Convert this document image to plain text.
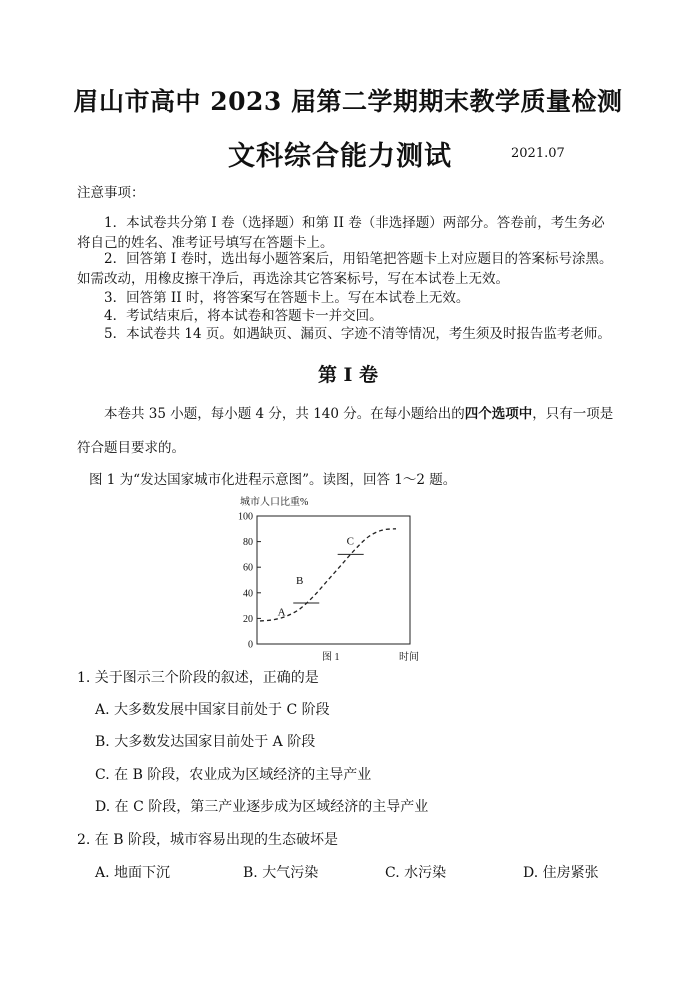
眉山市高中 2023 届第二学期期末教学质量检测
文科综合能力测试	2021.07
注意事项：
1．本试卷共分第 I 卷（选择题）和第 II 卷（非选择题）两部分。答卷前，考生务必
将自己的姓名、准考证号填写在答题卡上。
2．回答第 I 卷时，选出每小题答案后，用铅笔把答题卡上对应题目的答案标号涂黑。
如需改动，用橡皮擦干净后，再选涂其它答案标号，写在本试卷上无效。
3．回答第 II 时，将答案写在答题卡上。写在本试卷上无效。
4．考试结束后，将本试卷和答题卡一并交回。
5．本试卷共 14 页。如遇缺页、漏页、字迹不清等情况，考生须及时报告监考老师。
第 I 卷
本卷共 35 小题，每小题 4 分，共 140 分。在每小题给出的四个选项中，只有一项是
符合题目要求的。
图 1 为“发达国家城市化进程示意图”。读图，回答 1～2 题。
城市人口比重%
0
20
40
60
80
100
A
B
C
图 1	时间
1. 关于图示三个阶段的叙述，正确的是
A. 大多数发展中国家目前处于 C 阶段
B. 大多数发达国家目前处于 A 阶段
C. 在 B 阶段，农业成为区域经济的主导产业
D. 在 C 阶段，第三产业逐步成为区域经济的主导产业
2. 在 B 阶段，城市容易出现的生态破坏是
A. 地面下沉	B. 大气污染	C. 水污染	D. 住房紧张
